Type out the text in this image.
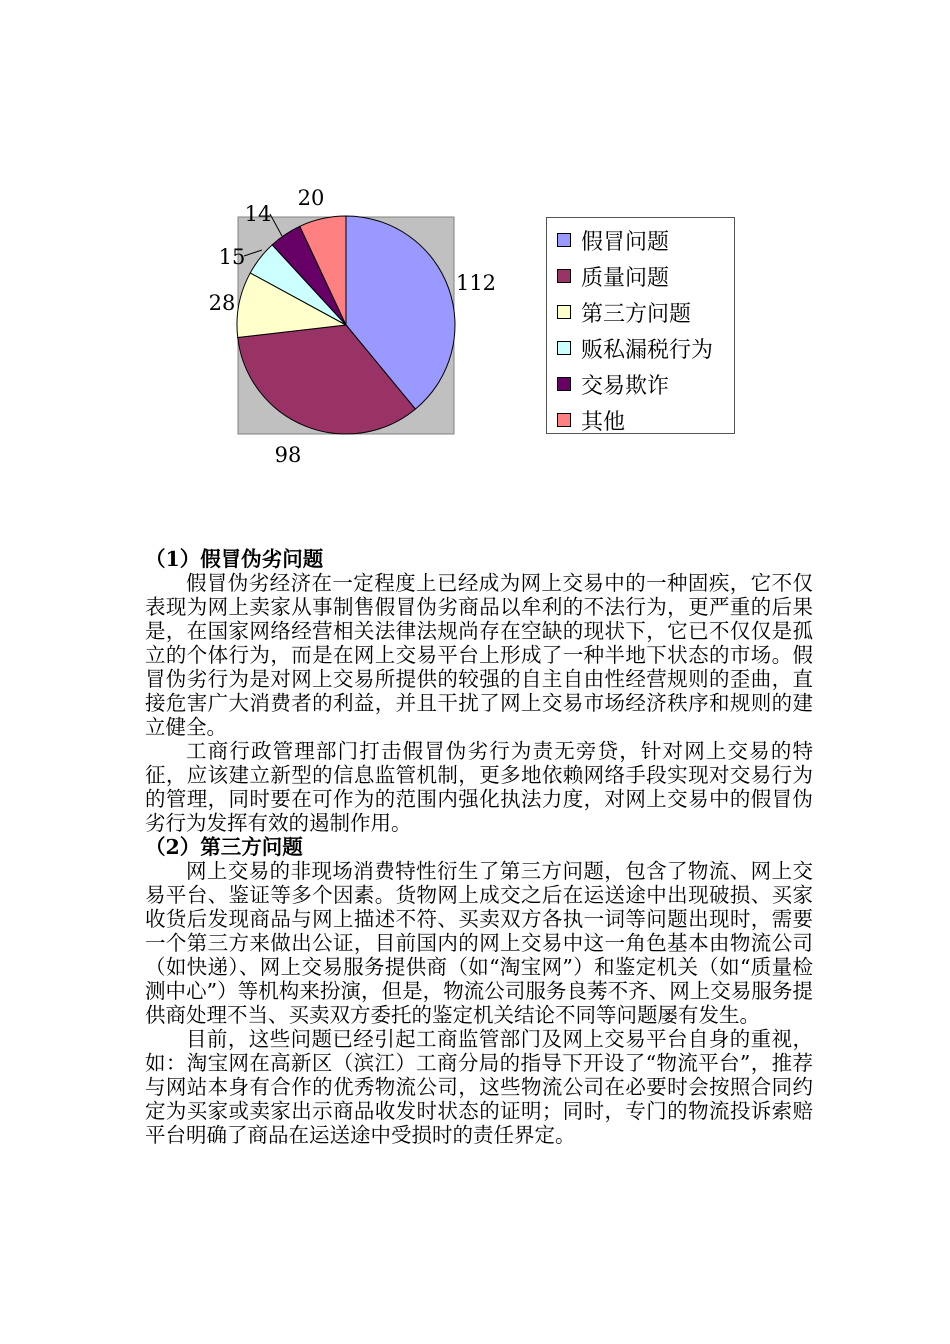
112
98
28
15
14
20
假冒问题
质量问题
第三方问题
贩私漏税行为
交易欺诈
其他

（1）假冒伪劣问题

假冒伪劣经济在一定程度上已经成为网上交易中的一种固疾，它不仅表现为网上卖家从事制售假冒伪劣商品以牟利的不法行为，更严重的后果是，在国家网络经营相关法律法规尚存在空缺的现状下，它已不仅仅是孤立的个体行为，而是在网上交易平台上形成了一种半地下状态的市场。假冒伪劣行为是对网上交易所提供的较强的自主自由性经营规则的歪曲，直接危害广大消费者的利益，并且干扰了网上交易市场经济秩序和规则的建立健全。

工商行政管理部门打击假冒伪劣行为责无旁贷，针对网上交易的特征，应该建立新型的信息监管机制，更多地依赖网络手段实现对交易行为的管理，同时要在可作为的范围内强化执法力度，对网上交易中的假冒伪劣行为发挥有效的遏制作用。

（2）第三方问题

网上交易的非现场消费特性衍生了第三方问题，包含了物流、网上交易平台、鉴证等多个因素。货物网上成交之后在运送途中出现破损、买家收货后发现商品与网上描述不符、买卖双方各执一词等问题出现时，需要一个第三方来做出公证，目前国内的网上交易中这一角色基本由物流公司（如快递）、网上交易服务提供商（如“淘宝网”）和鉴定机关（如“质量检测中心”）等机构来扮演，但是，物流公司服务良莠不齐、网上交易服务提供商处理不当、买卖双方委托的鉴定机关结论不同等问题屡有发生。

目前，这些问题已经引起工商监管部门及网上交易平台自身的重视，如：淘宝网在高新区（滨江）工商分局的指导下开设了“物流平台”，推荐与网站本身有合作的优秀物流公司，这些物流公司在必要时会按照合同约定为买家或卖家出示商品收发时状态的证明；同时，专门的物流投诉索赔平台明确了商品在运送途中受损时的责任界定。
